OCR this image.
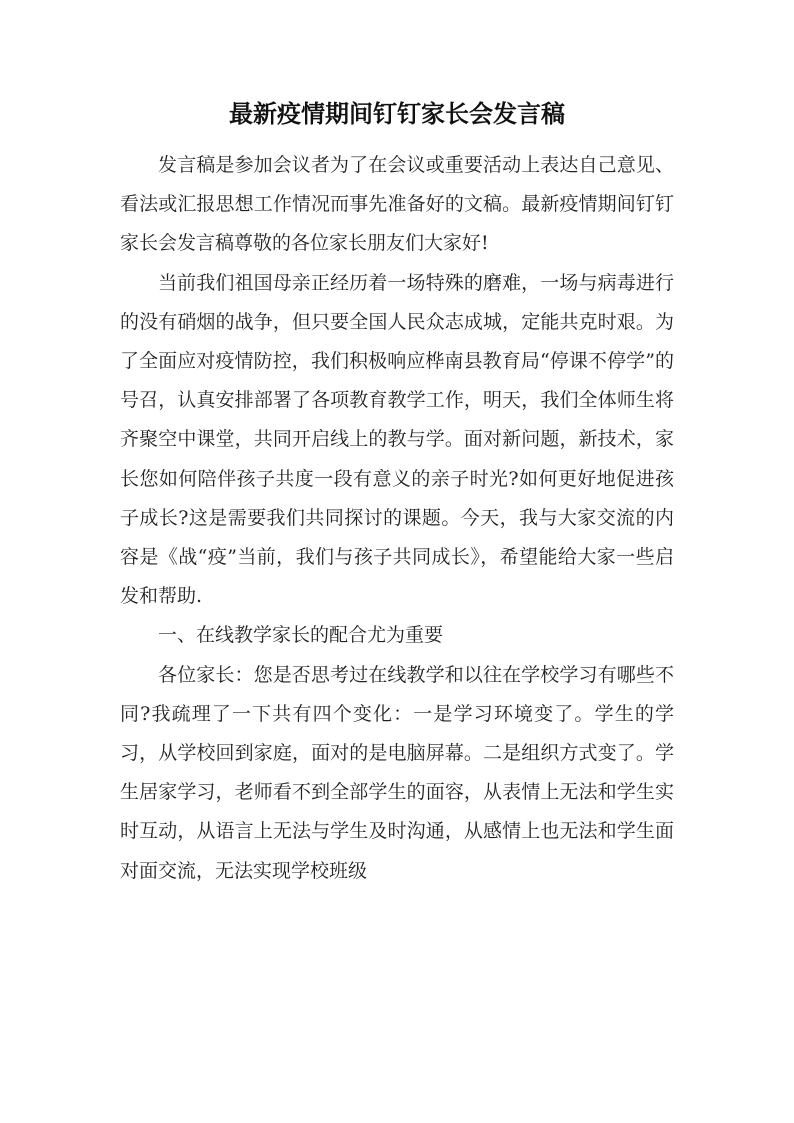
最新疫情期间钉钉家长会发言稿

发言稿是参加会议者为了在会议或重要活动上表达自己意见、看法或汇报思想工作情况而事先准备好的文稿。最新疫情期间钉钉家长会发言稿尊敬的各位家长朋友们大家好!

当前我们祖国母亲正经历着一场特殊的磨难，一场与病毒进行的没有硝烟的战争，但只要全国人民众志成城，定能共克时艰。为了全面应对疫情防控，我们积极响应桦南县教育局“停课不停学”的号召，认真安排部署了各项教育教学工作，明天，我们全体师生将齐聚空中课堂，共同开启线上的教与学。面对新问题，新技术，家长您如何陪伴孩子共度一段有意义的亲子时光?如何更好地促进孩子成长?这是需要我们共同探讨的课题。今天，我与大家交流的内容是《战“疫”当前，我们与孩子共同成长》，希望能给大家一些启发和帮助.

一、在线教学家长的配合尤为重要

各位家长：您是否思考过在线教学和以往在学校学习有哪些不同?我疏理了一下共有四个变化：一是学习环境变了。学生的学习，从学校回到家庭，面对的是电脑屏幕。二是组织方式变了。学生居家学习，老师看不到全部学生的面容，从表情上无法和学生实时互动，从语言上无法与学生及时沟通，从感情上也无法和学生面对面交流，无法实现学校班级
